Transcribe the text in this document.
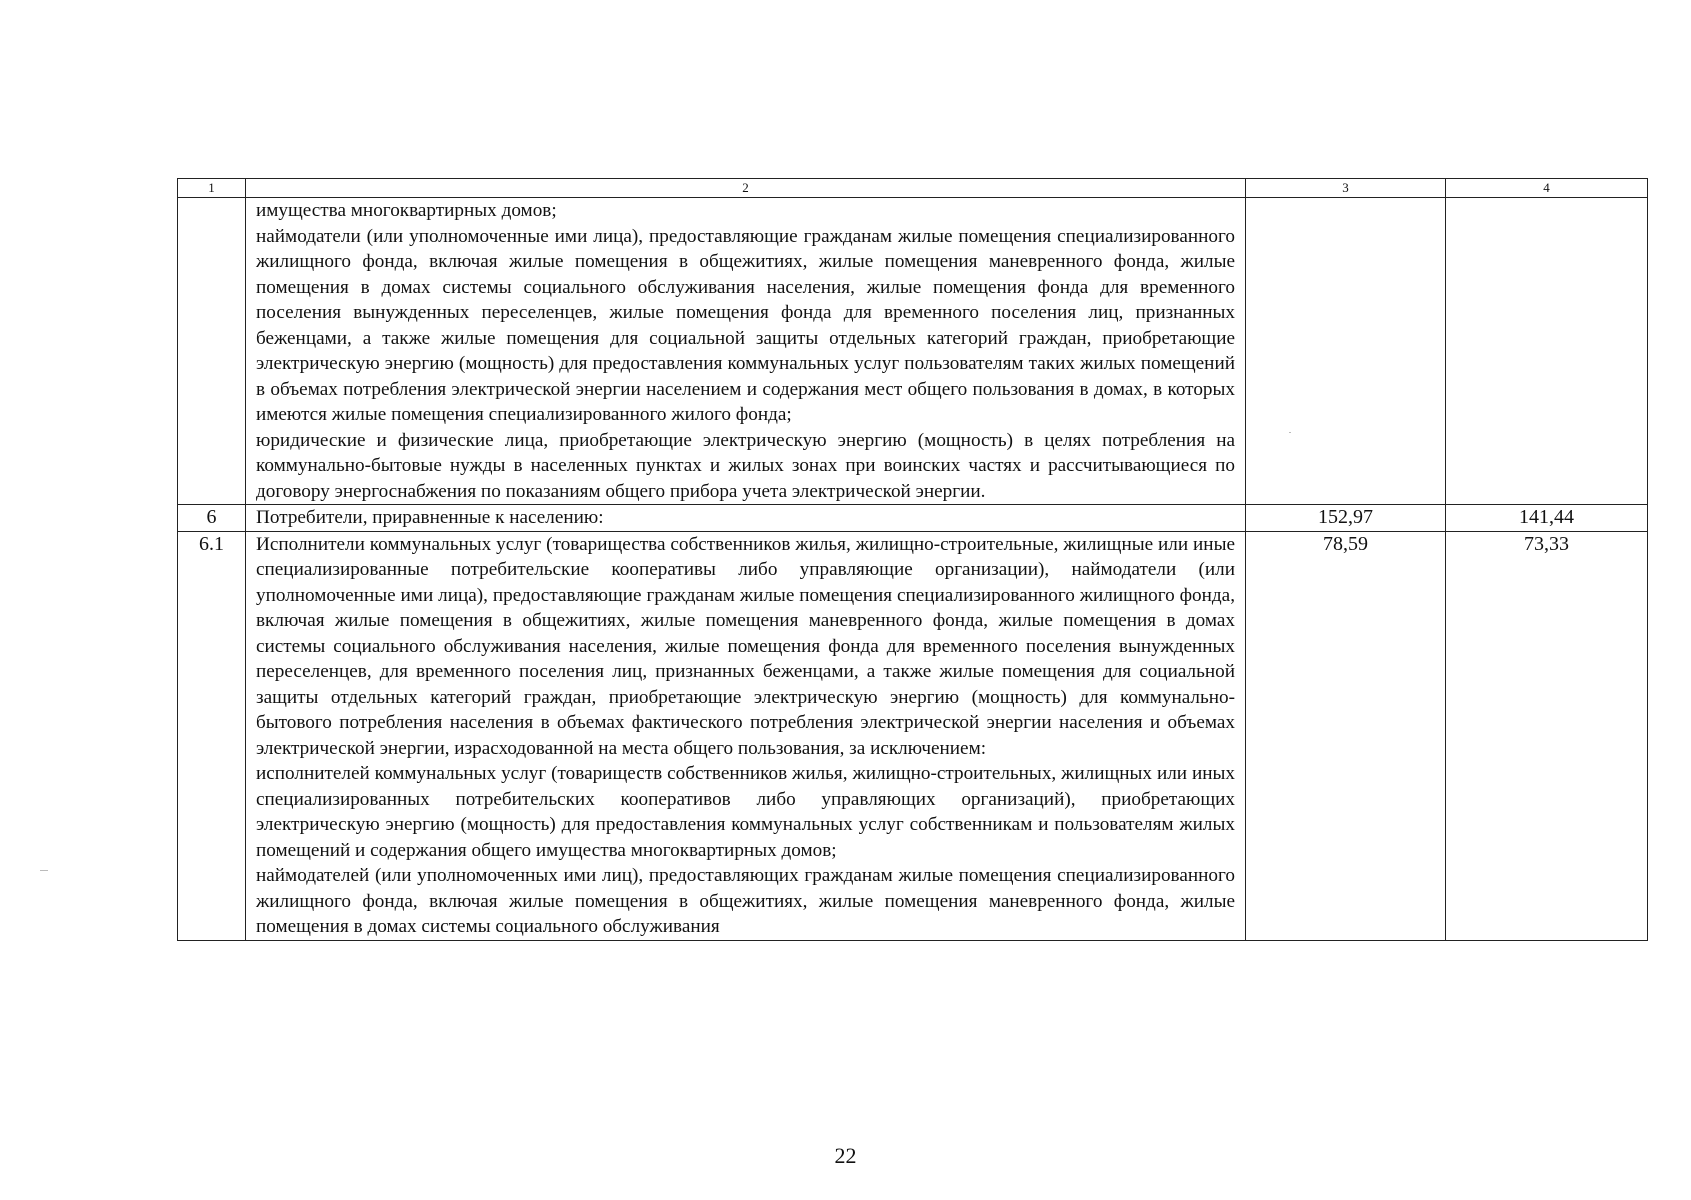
1	2	3	4

	имущества многоквартирных домов;
наймодатели (или уполномоченные ими лица), предоставляющие гражданам жилые помещения специализированного жилищного фонда, включая жилые помещения в общежитиях, жилые помещения маневренного фонда, жилые помещения в домах системы социального обслуживания населения, жилые помещения фонда для временного поселения вынужденных переселенцев, жилые помещения фонда для временного поселения лиц, признанных беженцами, а также жилые помещения для социальной защиты отдельных категорий граждан, приобретающие электрическую энергию (мощность) для предоставления коммунальных услуг пользователям таких жилых помещений в объемах потребления электрической энергии населением и содержания мест общего пользования в домах, в которых имеются жилые помещения специализированного жилого фонда;
юридические и физические лица, приобретающие электрическую энергию (мощность) в целях потребления на коммунально-бытовые нужды в населенных пунктах и жилых зонах при воинских частях и рассчитывающиеся по договору энергоснабжения по показаниям общего прибора учета электрической энергии.		

6	Потребители, приравненные к населению:	152,97	141,44
6.1	Исполнители коммунальных услуг (товарищества собственников жилья, жилищно-строительные, жилищные или иные специализированные потребительские кооперативы либо управляющие организации), наймодатели (или уполномоченные ими лица), предоставляющие гражданам жилые помещения специализированного жилищного фонда, включая жилые помещения в общежитиях, жилые помещения маневренного фонда, жилые помещения в домах системы социального обслуживания населения, жилые помещения фонда для временного поселения вынужденных переселенцев, для временного поселения лиц, признанных беженцами, а также жилые помещения для социальной защиты отдельных категорий граждан, приобретающие электрическую энергию (мощность) для коммунально-бытового потребления населения в объемах фактического потребления электрической энергии населения и объемах электрической энергии, израсходованной на места общего пользования, за исключением:
исполнителей коммунальных услуг (товариществ собственников жилья, жилищно-строительных, жилищных или иных специализированных потребительских кооперативов либо управляющих организаций), приобретающих электрическую энергию (мощность) для предоставления коммунальных услуг собственникам и пользователям жилых помещений и содержания общего имущества многоквартирных домов;
наймодателей (или уполномоченных ими лиц), предоставляющих гражданам жилые помещения специализированного жилищного фонда, включая жилые помещения в общежитиях, жилые помещения маневренного фонда, жилые помещения в домах системы социального обслуживания	78,59	73,33
22
